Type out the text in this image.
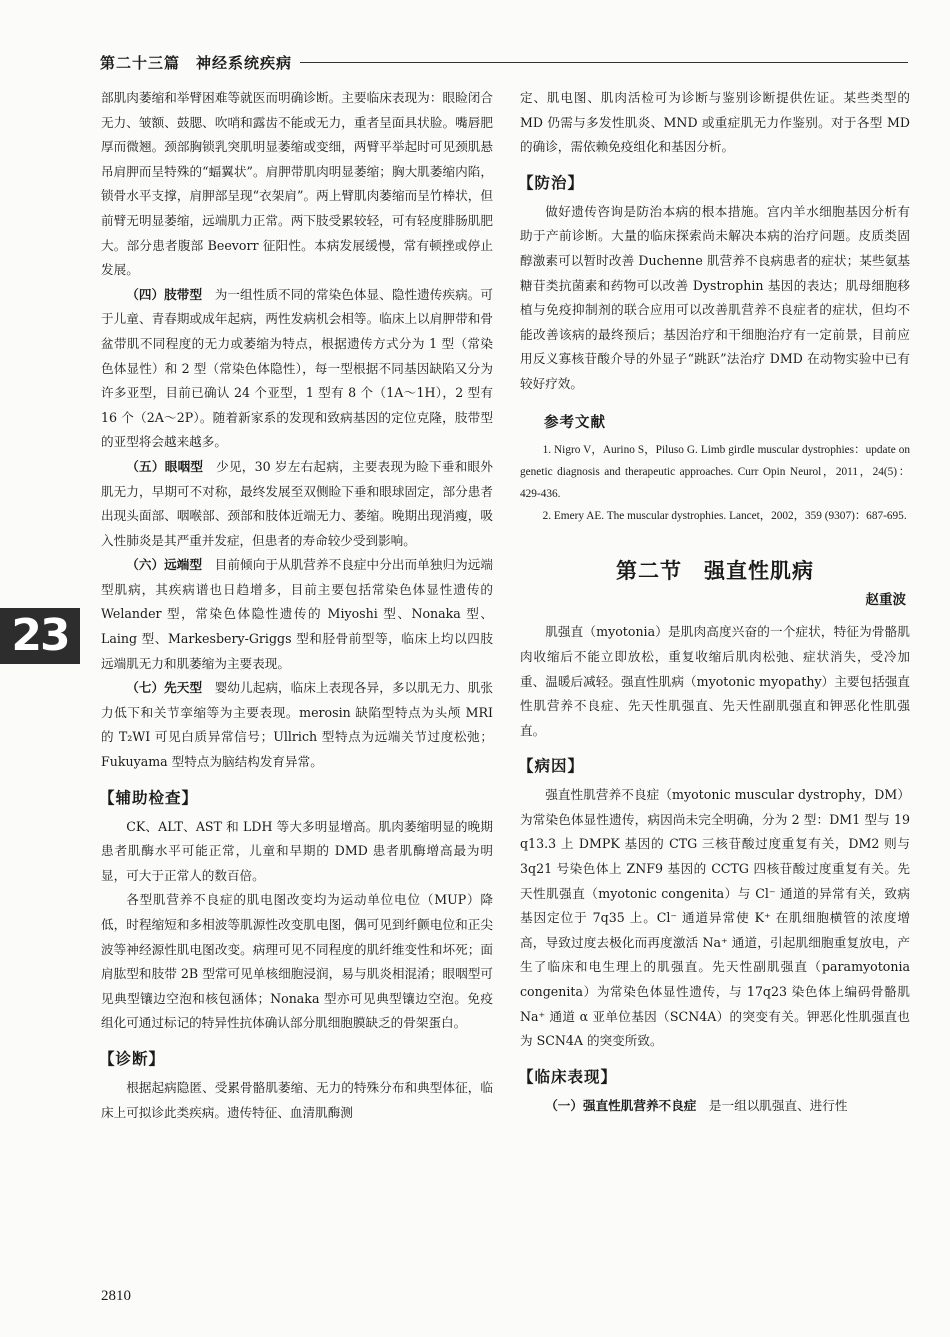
第二十三篇　神经系统疾病

部肌肉萎缩和举臂困难等就医而明确诊断。主要临床表现为：眼睑闭合无力、皱额、鼓腮、吹哨和露齿不能或无力，重者呈面具状脸。嘴唇肥厚而微翘。颈部胸锁乳突肌明显萎缩或变细，两臂平举起时可见颈肌悬吊肩胛而呈特殊的“蝠翼状”。肩胛带肌肉明显萎缩；胸大肌萎缩内陷，锁骨水平支撑，肩胛部呈现“衣架肩”。两上臂肌肉萎缩而呈竹棒状，但前臂无明显萎缩，远端肌力正常。两下肢受累较轻，可有轻度腓肠肌肥大。部分患者腹部 Beevorr 征阳性。本病发展缓慢，常有顿挫或停止发展。

（四）肢带型　 为一组性质不同的常染色体显、隐性遗传疾病。可于儿童、青春期或成年起病，两性发病机会相等。临床上以肩胛带和骨盆带肌不同程度的无力或萎缩为特点，根据遗传方式分为 1 型（常染色体显性）和 2 型（常染色体隐性），每一型根据不同基因缺陷又分为许多亚型，目前已确认 24 个亚型，1 型有 8 个（1A～1H），2 型有 16 个（2A～2P）。随着新家系的发现和致病基因的定位克隆，肢带型的亚型将会越来越多。

（五）眼咽型　 少见，30 岁左右起病，主要表现为睑下垂和眼外肌无力，早期可不对称，最终发展至双侧睑下垂和眼球固定，部分患者出现头面部、咽喉部、颈部和肢体近端无力、萎缩。晚期出现消瘦，吸入性肺炎是其严重并发症，但患者的寿命较少受到影响。

（六）远端型　 目前倾向于从肌营养不良症中分出而单独归为远端型肌病，其疾病谱也日趋增多，目前主要包括常染色体显性遗传的 Welander 型，常染色体隐性遗传的 Miyoshi 型、Nonaka 型、Laing 型、Markesbery-Griggs 型和胫骨前型等，临床上均以四肢远端肌无力和肌萎缩为主要表现。

（七）先天型　 婴幼儿起病，临床上表现各异，多以肌无力、肌张力低下和关节挛缩等为主要表现。merosin 缺陷型特点为头颅 MRI 的 T₂WI 可见白质异常信号；Ullrich 型特点为远端关节过度松弛；Fukuyama 型特点为脑结构发育异常。

【辅助检查】

CK、ALT、AST 和 LDH 等大多明显增高。肌肉萎缩明显的晚期患者肌酶水平可能正常，儿童和早期的 DMD 患者肌酶增高最为明显，可大于正常人的数百倍。

各型肌营养不良症的肌电图改变均为运动单位电位（MUP）降低，时程缩短和多相波等肌源性改变肌电图，偶可见到纤颤电位和正尖波等神经源性肌电图改变。病理可见不同程度的肌纤维变性和坏死；面肩肱型和肢带 2B 型常可见单核细胞浸润，易与肌炎相混淆；眼咽型可见典型镶边空泡和核包涵体；Nonaka 型亦可见典型镶边空泡。免疫组化可通过标记的特异性抗体确认部分肌细胞膜缺乏的骨架蛋白。

【诊断】

根据起病隐匿、受累骨骼肌萎缩、无力的特殊分布和典型体征，临床上可拟诊此类疾病。遗传特征、血清肌酶测

定、肌电图、肌肉活检可为诊断与鉴别诊断提供佐证。某些类型的 MD 仍需与多发性肌炎、MND 或重症肌无力作鉴别。对于各型 MD 的确诊，需依赖免疫组化和基因分析。

【防治】

做好遗传咨询是防治本病的根本措施。宫内羊水细胞基因分析有助于产前诊断。大量的临床探索尚未解决本病的治疗问题。皮质类固醇激素可以暂时改善 Duchenne 肌营养不良病患者的症状；某些氨基糖苷类抗菌素和药物可以改善 Dystrophin 基因的表达；肌母细胞移植与免疫抑制剂的联合应用可以改善肌营养不良症者的症状，但均不能改善该病的最终预后；基因治疗和干细胞治疗有一定前景，目前应用反义寡核苷酸介导的外显子“跳跃”法治疗 DMD 在动物实验中已有较好疗效。

参考文献

1. Nigro V，Aurino S，Piluso G. Limb girdle muscular dystrophies：update on genetic diagnosis and therapeutic approaches. Curr Opin Neurol，2011，24(5)：429-436.

2. Emery AE. The muscular dystrophies. Lancet，2002，359 (9307)：687-695.

第二节　强直性肌病
赵重波

肌强直（myotonia）是肌肉高度兴奋的一个症状，特征为骨骼肌肉收缩后不能立即放松，重复收缩后肌肉松弛、症状消失，受冷加重、温暖后减轻。强直性肌病（myotonic myopathy）主要包括强直性肌营养不良症、先天性肌强直、先天性副肌强直和钾恶化性肌强直。

【病因】

强直性肌营养不良症（myotonic muscular dystrophy，DM）为常染色体显性遗传，病因尚未完全明确，分为 2 型：DM1 型与 19 q13.3 上 DMPK 基因的 CTG 三核苷酸过度重复有关，DM2 则与 3q21 号染色体上 ZNF9 基因的 CCTG 四核苷酸过度重复有关。先天性肌强直（myotonic congenita）与 Cl⁻ 通道的异常有关，致病基因定位于 7q35 上。Cl⁻ 通道异常使 K⁺ 在肌细胞横管的浓度增高，导致过度去极化而再度激活 Na⁺ 通道，引起肌细胞重复放电，产生了临床和电生理上的肌强直。先天性副肌强直（paramyotonia congenita）为常染色体显性遗传，与 17q23 染色体上编码骨骼肌 Na⁺ 通道 α 亚单位基因（SCN4A）的突变有关。钾恶化性肌强直也为 SCN4A 的突变所致。

【临床表现】

（一）强直性肌营养不良症　 是一组以肌强直、进行性

23
2810
